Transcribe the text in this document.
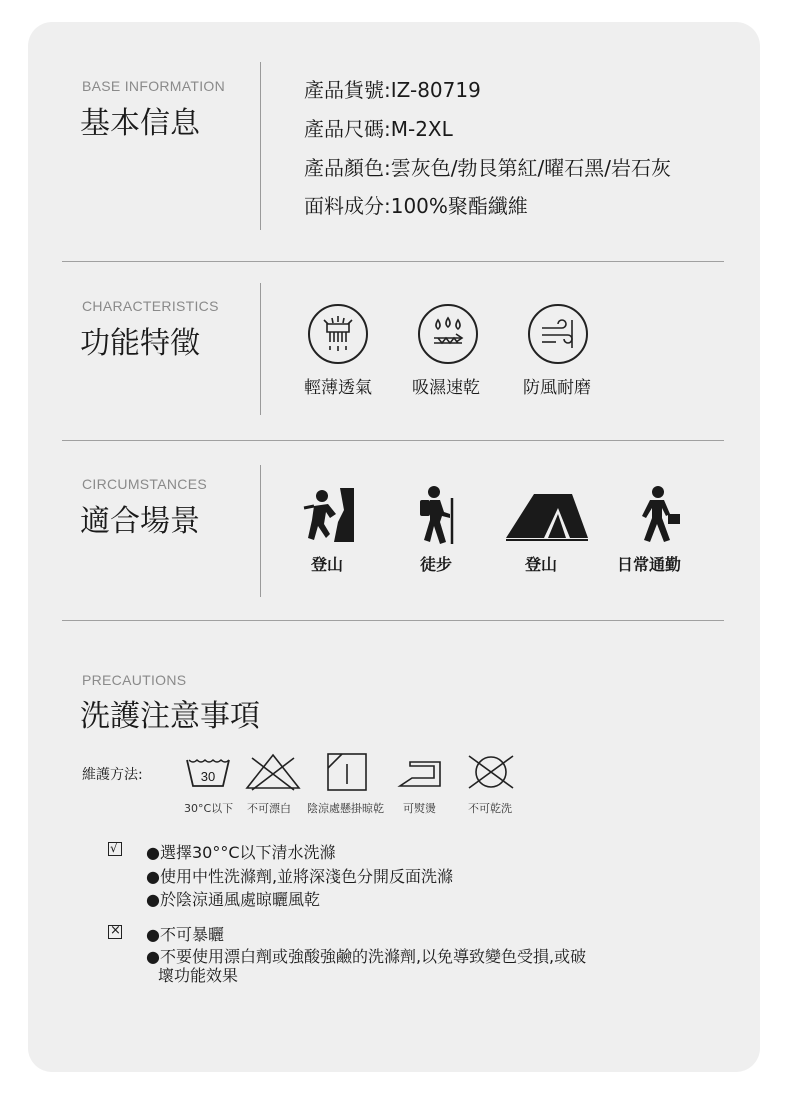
BASE INFORMATION
基本信息
產品貨號:IZ-80719
產品尺碼:M-2XL
產品顏色:雲灰色/勃艮第紅/曜石黑/岩石灰
面料成分:100%聚酯纖維
CHARACTERISTICS
功能特徵
輕薄透氣 吸濕速乾	防風耐磨
CIRCUMSTANCES
適合場景
登山	徒步	登山	日常通勤
PRECAUTIONS
洗護注意事項
維護方法:	30
30°C以下 不可漂白 陰涼處懸掛晾乾 可熨燙	不可乾洗
√ ●選擇30°°C以下清水洗滌
●使用中性洗滌劑,並將深淺色分開反面洗滌
●於陰涼通風處晾曬風乾
× ●不可暴曬
●不要使用漂白劑或強酸強鹼的洗滌劑,以免導致變色受損,或破
壞功能效果
